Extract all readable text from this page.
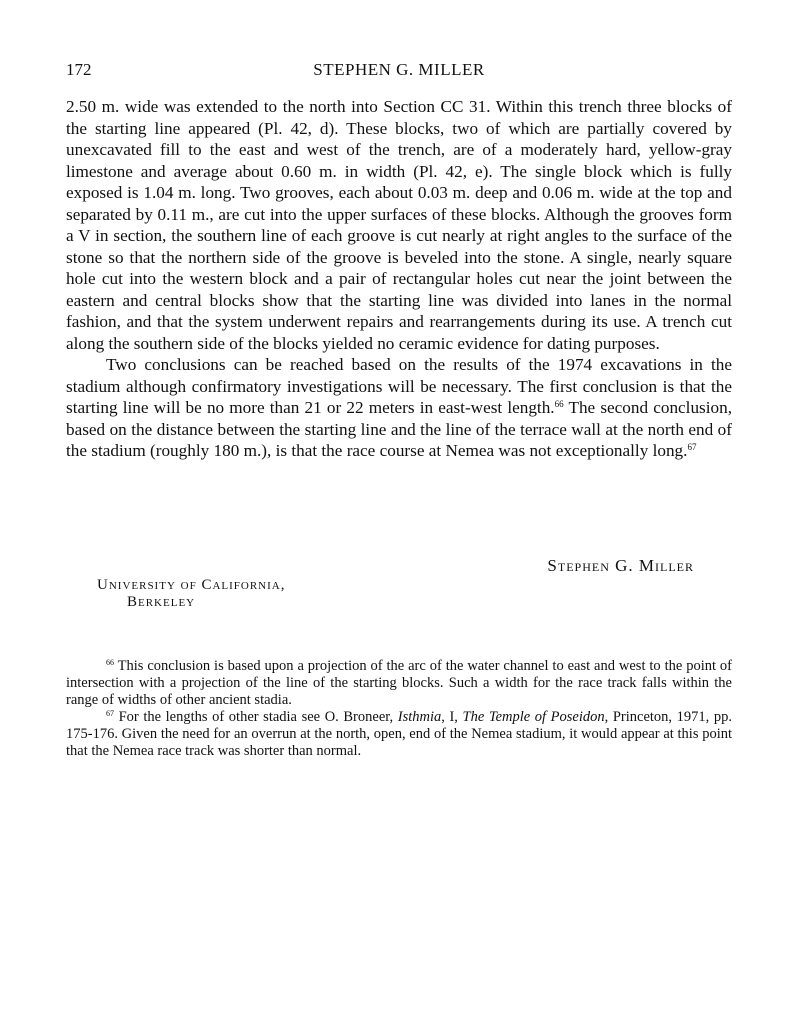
172	STEPHEN G. MILLER

2.50 m. wide was extended to the north into Section CC 31. Within this trench three blocks of the starting line appeared (Pl. 42, d). These blocks, two of which are partially covered by unexcavated fill to the east and west of the trench, are of a moderately hard, yellow-gray limestone and average about 0.60 m. in width (Pl. 42, e). The single block which is fully exposed is 1.04 m. long. Two grooves, each about 0.03 m. deep and 0.06 m. wide at the top and separated by 0.11 m., are cut into the upper surfaces of these blocks. Although the grooves form a V in section, the southern line of each groove is cut nearly at right angles to the surface of the stone so that the northern side of the groove is beveled into the stone. A single, nearly square hole cut into the western block and a pair of rectangular holes cut near the joint between the eastern and central blocks show that the starting line was divided into lanes in the normal fashion, and that the system underwent repairs and rearrangements during its use. A trench cut along the southern side of the blocks yielded no ceramic evidence for dating purposes.

Two conclusions can be reached based on the results of the 1974 excavations in the stadium although confirmatory investigations will be necessary. The first conclusion is that the starting line will be no more than 21 or 22 meters in east-west length.$^{66}$ The second conclusion, based on the distance between the starting line and the line of the terrace wall at the north end of the stadium (roughly 180 m.), is that the race course at Nemea was not exceptionally long.$^{67}$

Stephen G. Miller
University of California,
Berkeley

$^{66}$ This conclusion is based upon a projection of the arc of the water channel to east and west to the point of intersection with a projection of the line of the starting blocks. Such a width for the race track falls within the range of widths of other ancient stadia.

$^{67}$ For the lengths of other stadia see O. Broneer, Isthmia, I, The Temple of Poseidon, Princeton, 1971, pp. 175-176. Given the need for an overrun at the north, open, end of the Nemea stadium, it would appear at this point that the Nemea race track was shorter than normal.
